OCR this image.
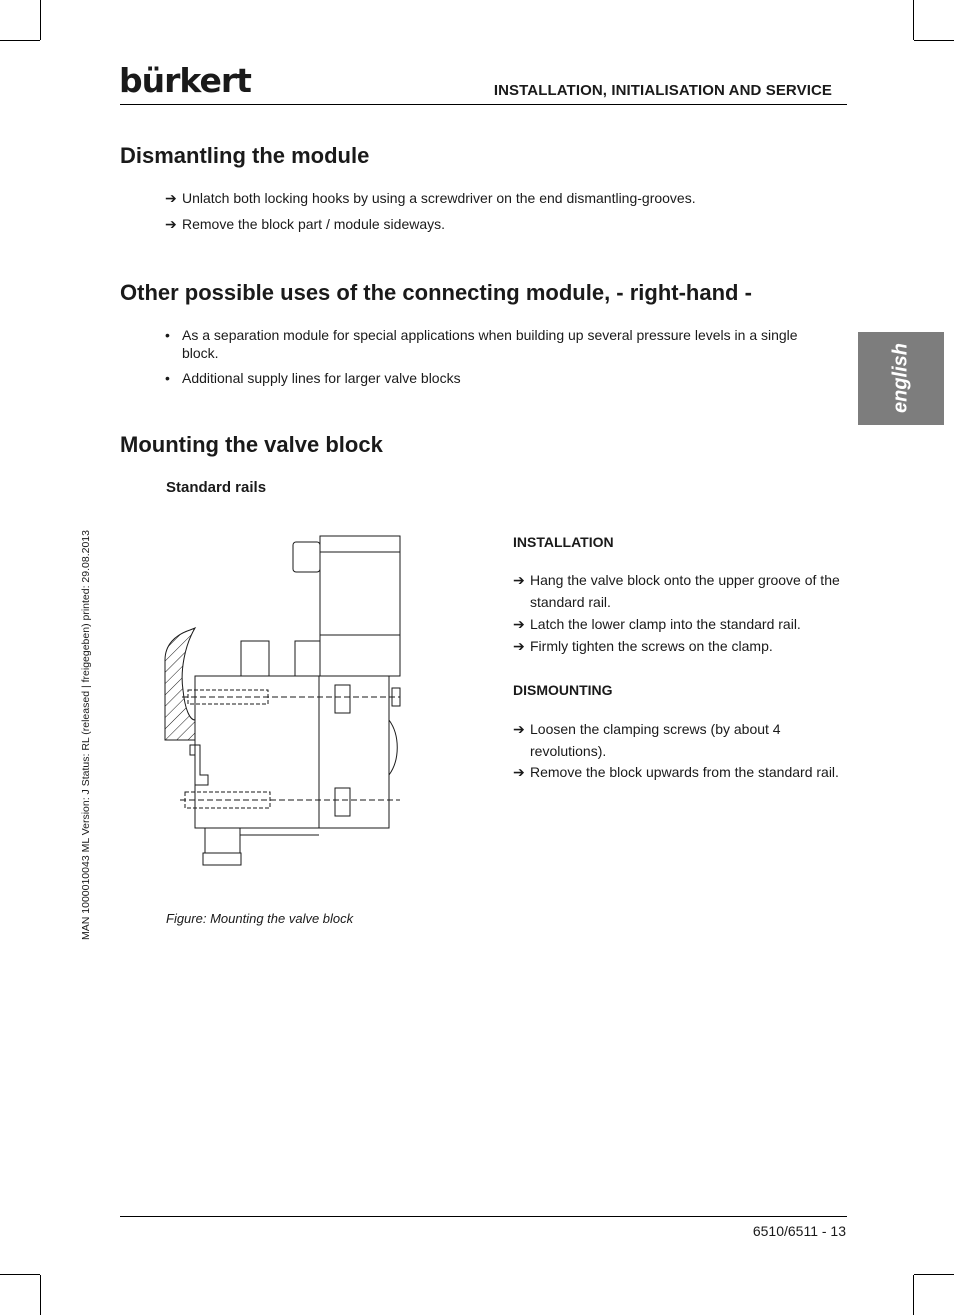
bürkert	INSTALLATION, INITIALISATION AND SERVICE
english
MAN 1000010043 ML Version: J Status: RL (released | freigegeben) printed: 29.08.2013
Dismantling the module
➔ Unlatch both locking hooks by using a screwdriver on the end dismantling-grooves.
➔ Remove the block part / module sideways.
Other possible uses of the connecting module, - right-hand -
• As a separation module for special applications when building up several pressure levels in a single block.
• Additional supply lines for larger valve blocks
Mounting the valve block
Standard rails
INSTALLATION
➔ Hang the valve block onto the upper groove of the standard rail.
➔ Latch the lower clamp into the standard rail.
➔ Firmly tighten the screws on the clamp.
DISMOUNTING
➔ Loosen the clamping screws (by about 4 revolutions).
➔ Remove the block upwards from the standard rail.
Figure: Mounting the valve block
6510/6511 - 13
